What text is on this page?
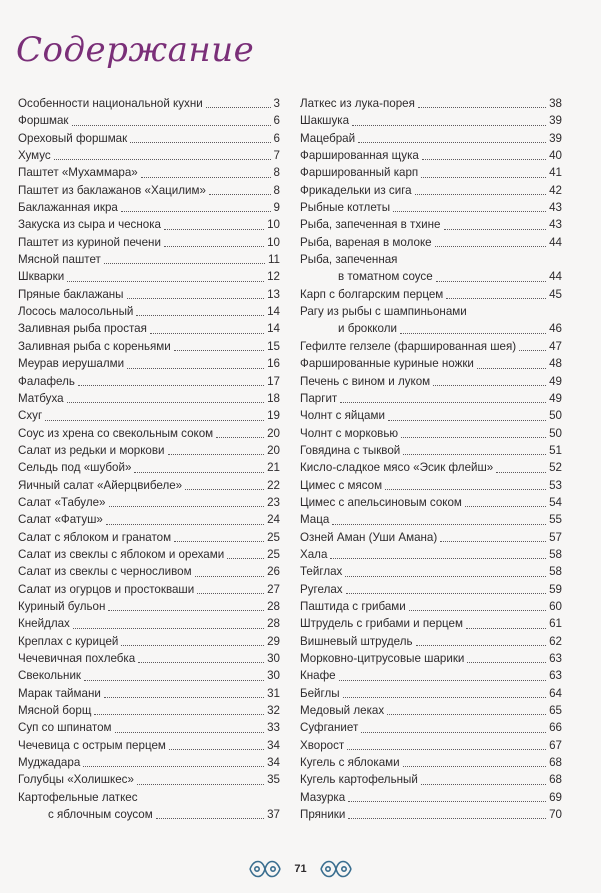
Содержание
Особенности национальной кухни	3
Форшмак	6
Ореховый форшмак	6
Хумус	7
Паштет «Мухаммара»	8
Паштет из баклажанов «Хацилим»	8
Баклажанная икра	9
Закуска из сыра и чеснока	10
Паштет из куриной печени	10
Мясной паштет	11
Шкварки	12
Пряные баклажаны	13
Лосось малосольный	14
Заливная рыба простая	14
Заливная рыба с кореньями	15
Меурав иерушалми	16
Фалафель	17
Матбуха	18
Схуг	19
Соус из хрена со свекольным соком	20
Салат из редьки и моркови	20
Сельдь под «шубой»	21
Яичный салат «Айерцвибеле»	22
Салат «Табуле»	23
Салат «Фатуш»	24
Салат с яблоком и гранатом	25
Салат из свеклы с яблоком и орехами	25
Салат из свеклы с черносливом	26
Салат из огурцов и простокваши	27
Куриный бульон	28
Кнейдлах	28
Креплах с курицей	29
Чечевичная похлебка	30
Свекольник	30
Марак таймани	31
Мясной борщ	32
Суп со шпинатом	33
Чечевица с острым перцем	34
Муджадара	34
Голубцы «Холишкес»	35
Картофельные латкес
с яблочным соусом	37
Латкес из лука-порея	38
Шакшука	39
Мацебрай	39
Фаршированная щука	40
Фаршированный карп	41
Фрикадельки из сига	42
Рыбные котлеты	43
Рыба, запеченная в тхине	43
Рыба, вареная в молоке	44
Рыба, запеченная
в томатном соусе	44
Карп с болгарским перцем	45
Рагу из рыбы с шампиньонами
и брокколи	46
Гефилте гелзеле (фаршированная шея)	47
Фаршированные куриные ножки	48
Печень с вином и луком	49
Паргит	49
Чолнт с яйцами	50
Чолнт с морковью	50
Говядина с тыквой	51
Кисло-сладкое мясо «Эсик флейш»	52
Цимес с мясом	53
Цимес с апельсиновым соком	54
Маца	55
Озней Аман (Уши Амана)	57
Хала	58
Тейглах	58
Ругелах	59
Паштида с грибами	60
Штрудель с грибами и перцем	61
Вишневый штрудель	62
Морковно-цитрусовые шарики	63
Кнафе	63
Бейглы	64
Медовый леках	65
Суфганиет	66
Хворост	67
Кугель с яблоками	68
Кугель картофельный	68
Мазурка	69
Пряники	70
71
